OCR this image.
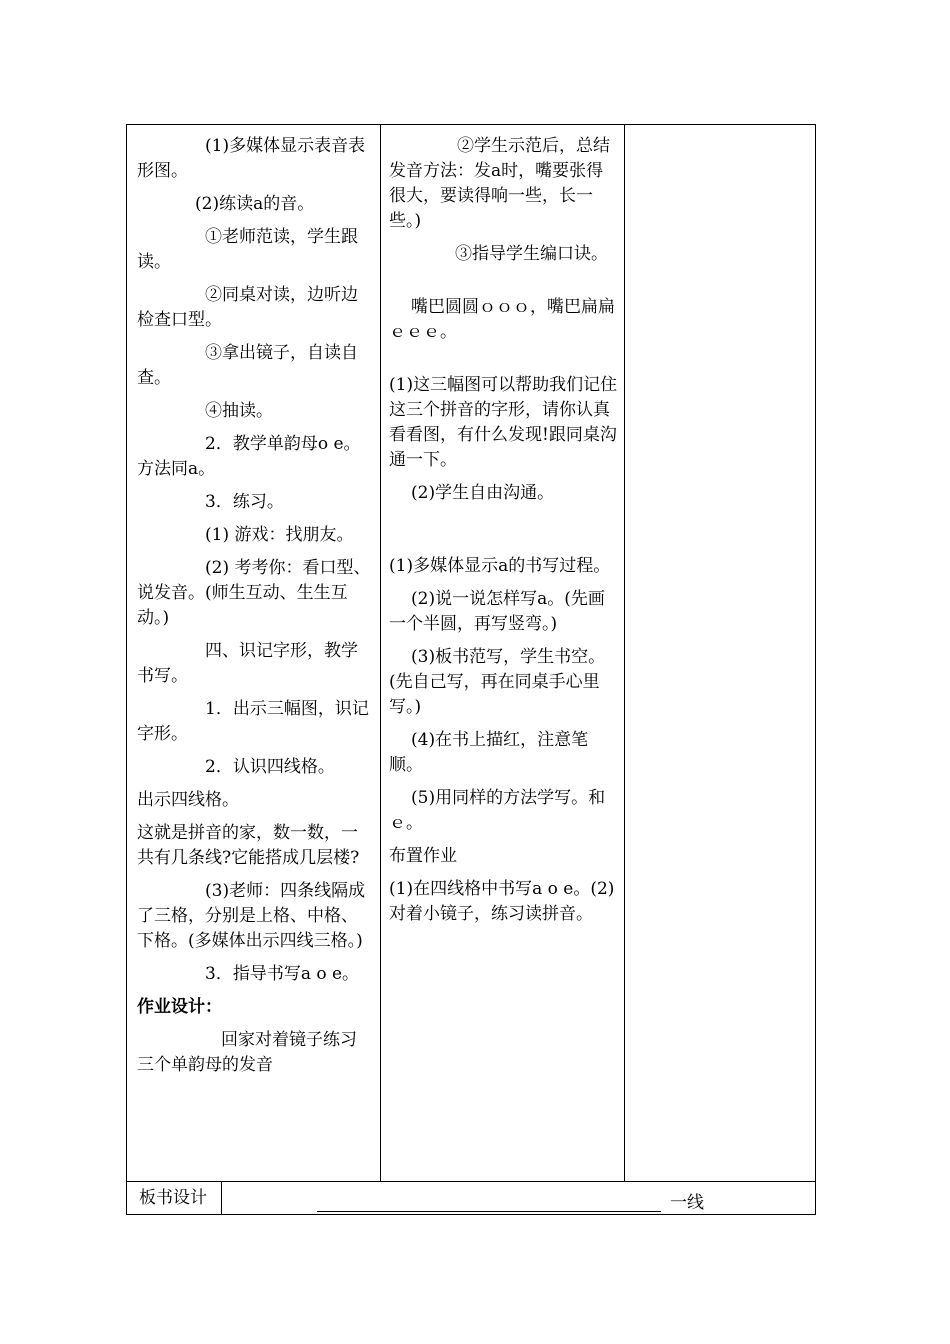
(1)多媒体显示表音表形图。

(2)练读a的音。

①老师范读，学生跟读。

②同桌对读，边听边检查口型。

③拿出镜子，自读自查。

④抽读。

2．教学单韵母o e。方法同a。

3．练习。

(1) 游戏：找朋友。

(2) 考考你：看口型、说发音。(师生互动、生生互动。)

四、识记字形，教学书写。

1．出示三幅图，识记字形。

2．认识四线格。

出示四线格。

这就是拼音的家，数一数，一共有几条线?它能搭成几层楼?

(3)老师：四条线隔成了三格，分别是上格、中格、下格。(多媒体出示四线三格。)

3．指导书写a o e。

作业设计：

回家对着镜子练习三个单韵母的发音

②学生示范后，总结发音方法：发a时，嘴要张得很大，要读得响一些，长一些。)

③指导学生编口诀。

嘴巴圆圆ｏｏｏ，嘴巴扁扁ｅｅｅ。

(1)这三幅图可以帮助我们记住这三个拼音的字形，请你认真看看图，有什么发现!跟同桌沟通一下。

(2)学生自由沟通。

(1)多媒体显示a的书写过程。

(2)说一说怎样写a。(先画一个半圆，再写竖弯。)

(3)板书范写，学生书空。(先自己写，再在同桌手心里写。)

(4)在书上描红，注意笔顺。

(5)用同样的方法学写。和ｅ。

布置作业

(1)在四线格中书写a o e。(2)对着小镜子，练习读拼音。

板书设计	一线
